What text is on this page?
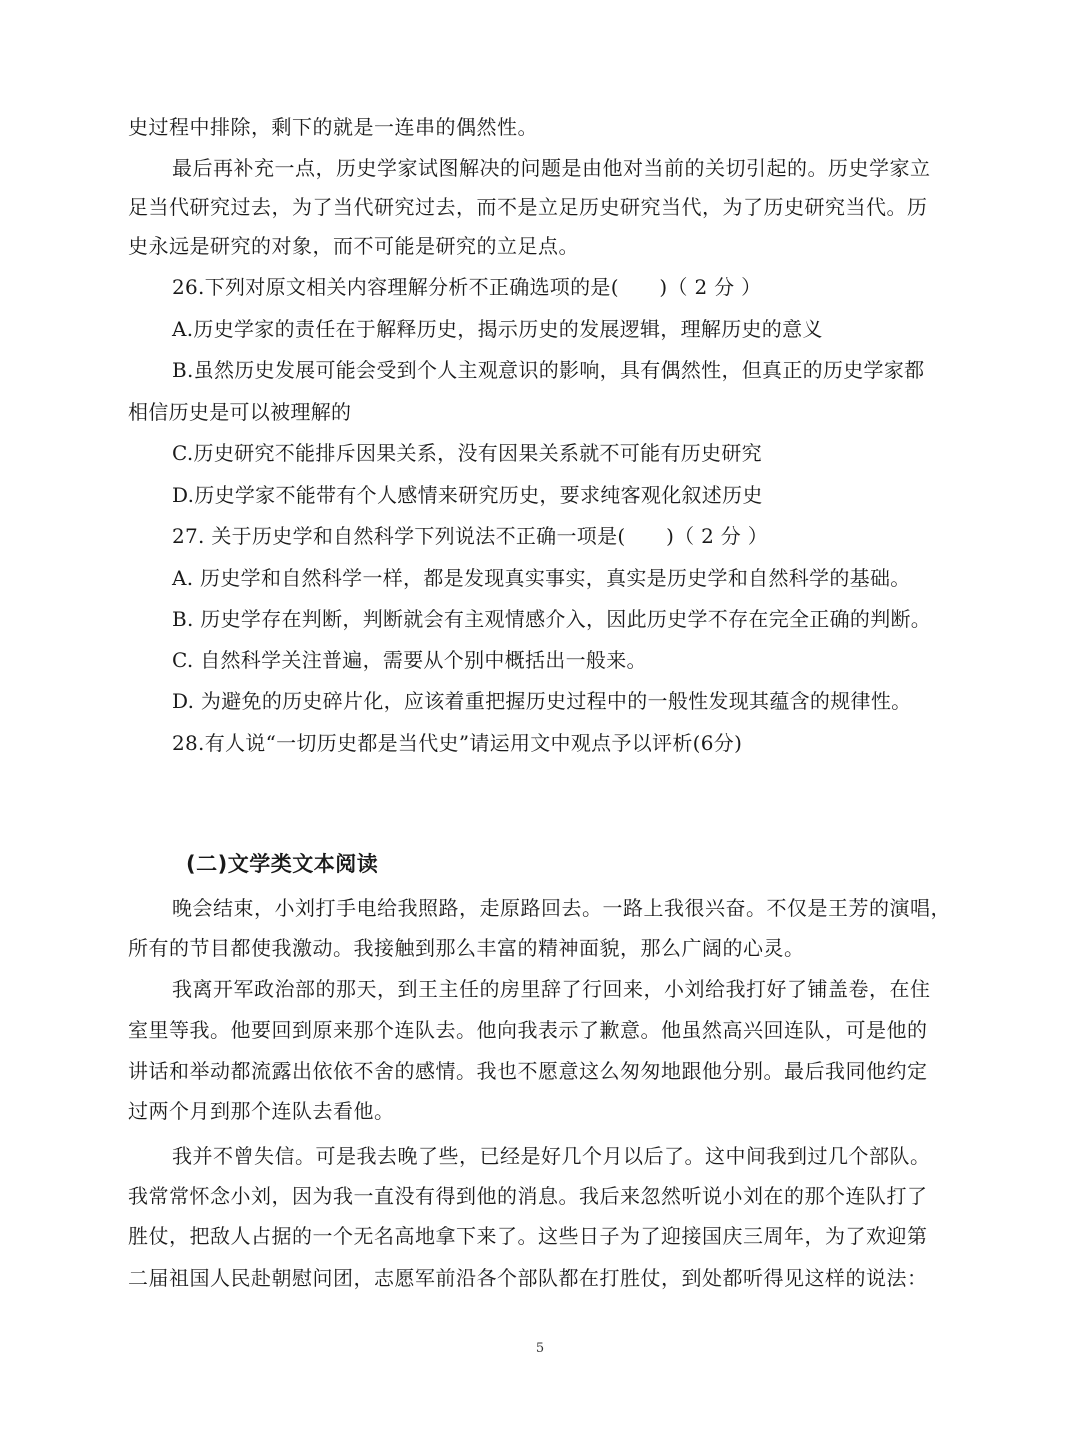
史过程中排除，剩下的就是一连串的偶然性。
最后再补充一点，历史学家试图解决的问题是由他对当前的关切引起的。历史学家立
足当代研究过去，为了当代研究过去，而不是立足历史研究当代，为了历史研究当代。历
史永远是研究的对象，而不可能是研究的立足点。
26.下列对原文相关内容理解分析不正确选项的是(　　)（ 2 分 ）
A.历史学家的责任在于解释历史，揭示历史的发展逻辑，理解历史的意义
B.虽然历史发展可能会受到个人主观意识的影响，具有偶然性，但真正的历史学家都
相信历史是可以被理解的
C.历史研究不能排斥因果关系，没有因果关系就不可能有历史研究
D.历史学家不能带有个人感情来研究历史，要求纯客观化叙述历史
27. 关于历史学和自然科学下列说法不正确一项是(　　)（ 2 分 ）
A. 历史学和自然科学一样，都是发现真实事实，真实是历史学和自然科学的基础。
B. 历史学存在判断，判断就会有主观情感介入，因此历史学不存在完全正确的判断。
C. 自然科学关注普遍，需要从个别中概括出一般来。
D. 为避免的历史碎片化，应该着重把握历史过程中的一般性发现其蕴含的规律性。
28.有人说“一切历史都是当代史”请运用文中观点予以评析(6分)
(二)文学类文本阅读
晚会结束，小刘打手电给我照路，走原路回去。一路上我很兴奋。不仅是王芳的演唱，
所有的节目都使我激动。我接触到那么丰富的精神面貌，那么广阔的心灵。
我离开军政治部的那天，到王主任的房里辞了行回来，小刘给我打好了铺盖卷，在住
室里等我。他要回到原来那个连队去。他向我表示了歉意。他虽然高兴回连队，可是他的
讲话和举动都流露出依依不舍的感情。我也不愿意这么匆匆地跟他分别。最后我同他约定
过两个月到那个连队去看他。
我并不曾失信。可是我去晚了些，已经是好几个月以后了。这中间我到过几个部队。
我常常怀念小刘，因为我一直没有得到他的消息。我后来忽然听说小刘在的那个连队打了
胜仗，把敌人占据的一个无名高地拿下来了。这些日子为了迎接国庆三周年，为了欢迎第
二届祖国人民赴朝慰问团，志愿军前沿各个部队都在打胜仗，到处都听得见这样的说法：
5
